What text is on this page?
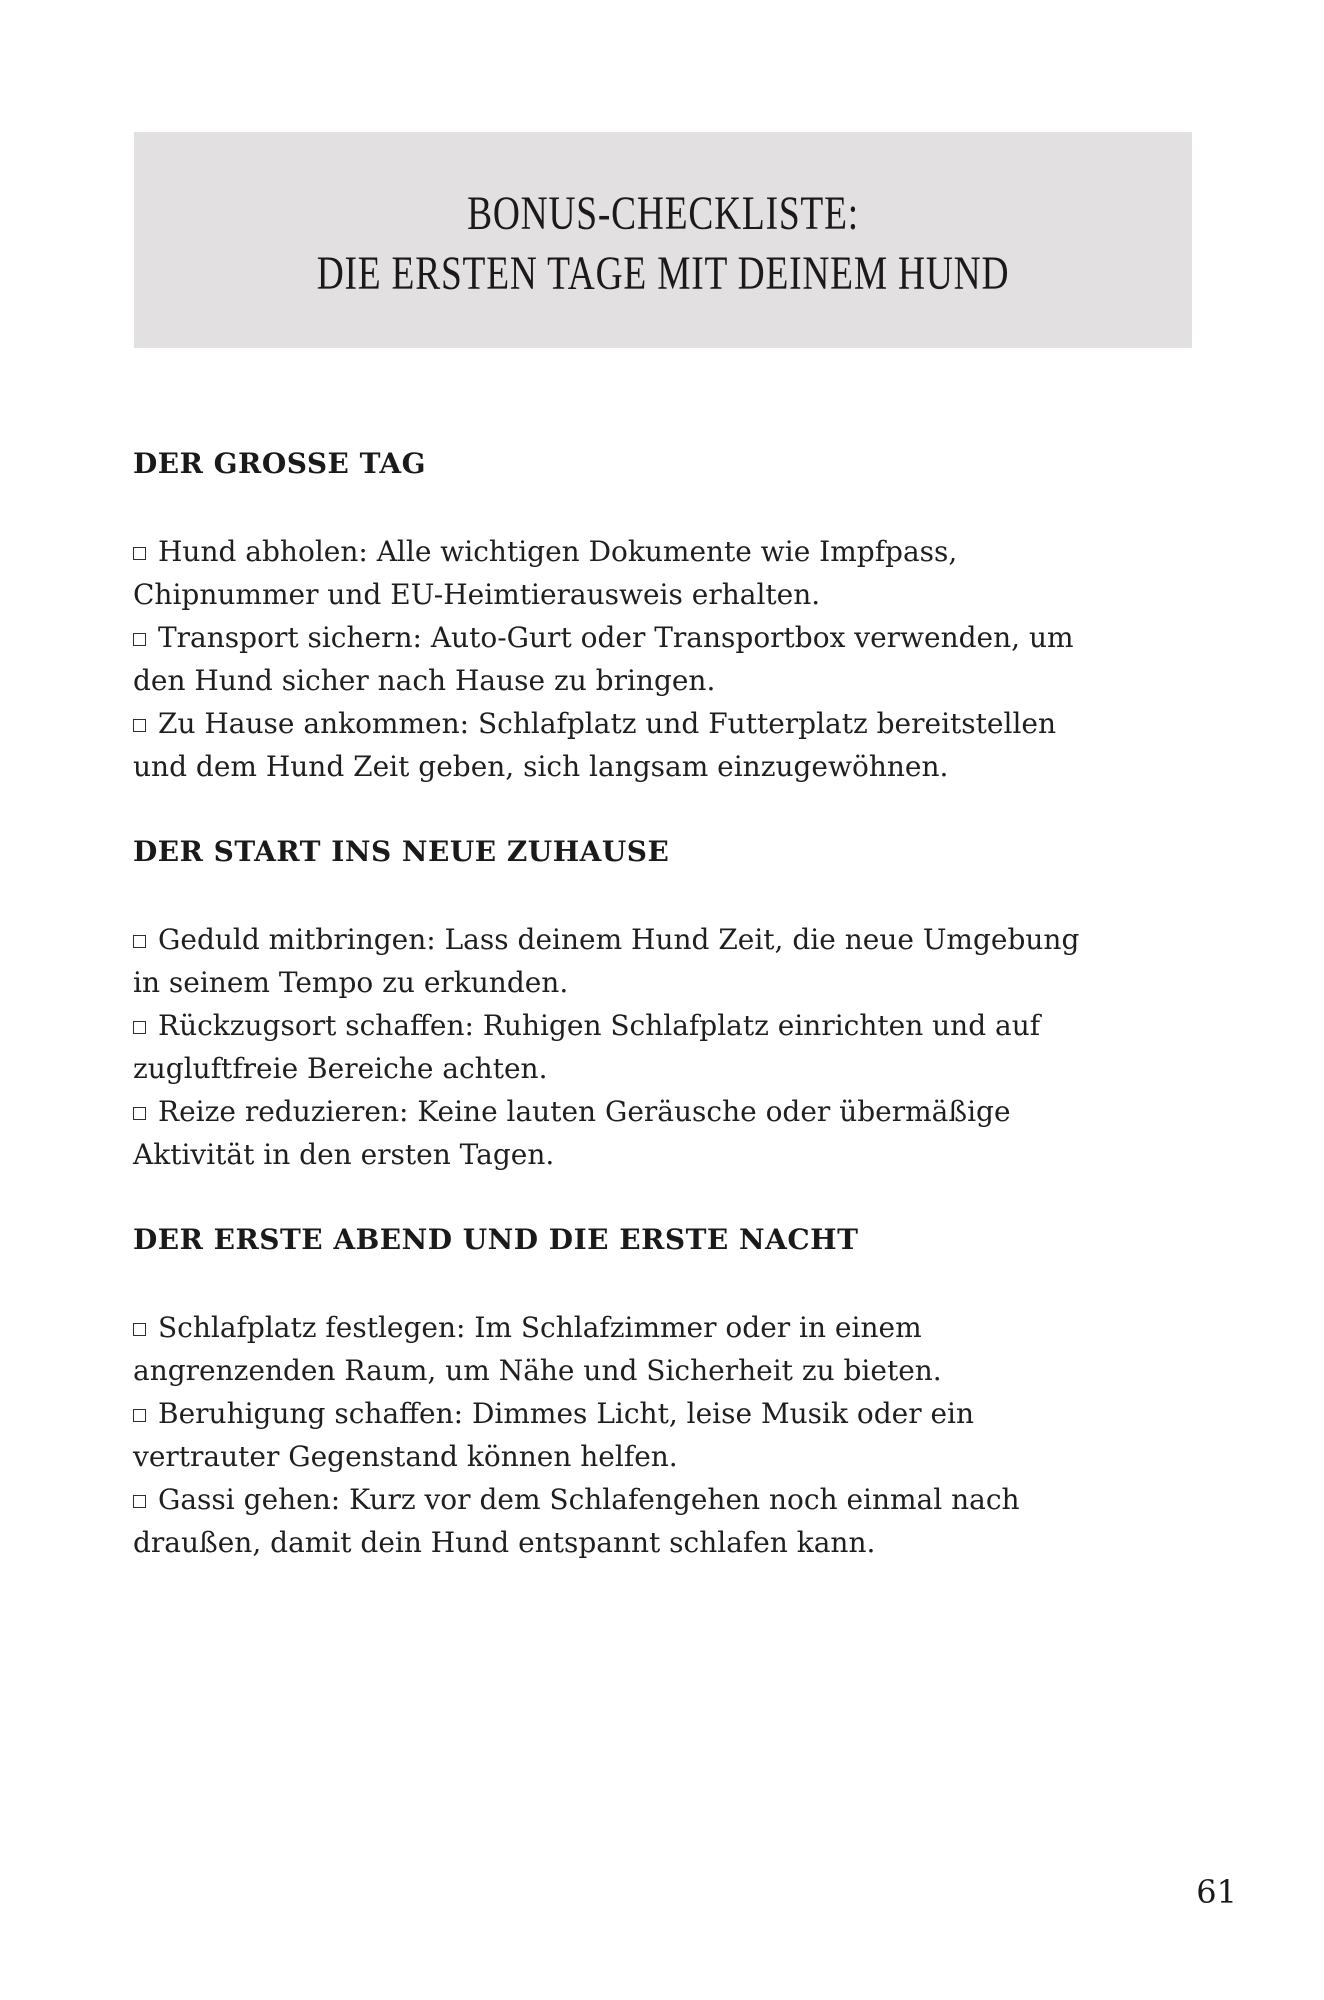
BONUS-CHECKLISTE:
DIE ERSTEN TAGE MIT DEINEM HUND
DER GROSSE TAG
Hund abholen: Alle wichtigen Dokumente wie Impfpass,
Chipnummer und EU-Heimtierausweis erhalten.
Transport sichern: Auto-Gurt oder Transportbox verwenden, um
den Hund sicher nach Hause zu bringen.
Zu Hause ankommen: Schlafplatz und Futterplatz bereitstellen
und dem Hund Zeit geben, sich langsam einzugewöhnen.
DER START INS NEUE ZUHAUSE
Geduld mitbringen: Lass deinem Hund Zeit, die neue Umgebung
in seinem Tempo zu erkunden.
Rückzugsort schaffen: Ruhigen Schlafplatz einrichten und auf
zugluftfreie Bereiche achten.
Reize reduzieren: Keine lauten Geräusche oder übermäßige
Aktivität in den ersten Tagen.
DER ERSTE ABEND UND DIE ERSTE NACHT
Schlafplatz festlegen: Im Schlafzimmer oder in einem
angrenzenden Raum, um Nähe und Sicherheit zu bieten.
Beruhigung schaffen: Dimmes Licht, leise Musik oder ein
vertrauter Gegenstand können helfen.
Gassi gehen: Kurz vor dem Schlafengehen noch einmal nach
draußen, damit dein Hund entspannt schlafen kann.
61
